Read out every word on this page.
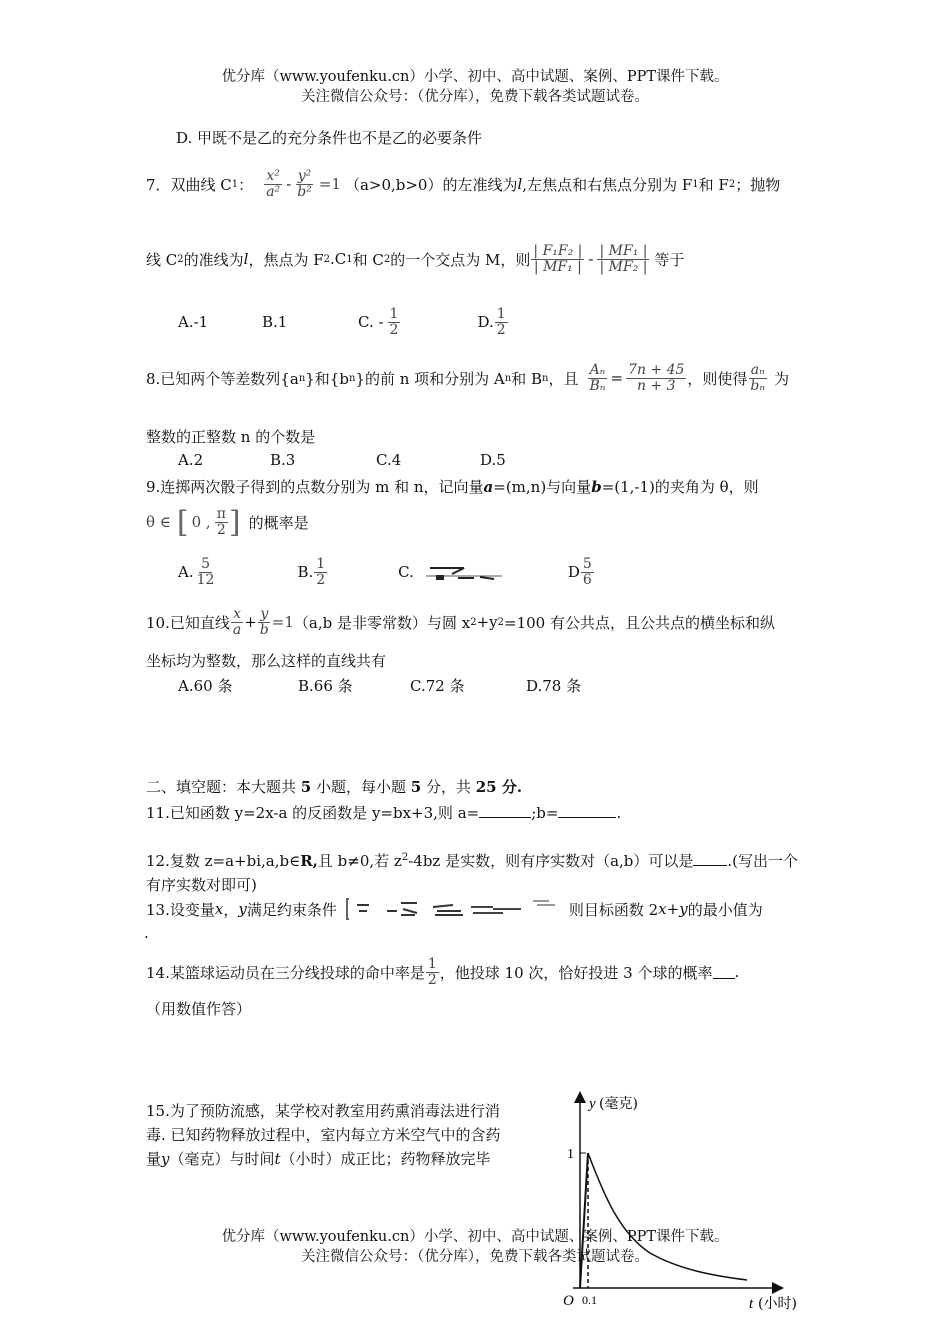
优分库（www.youfenku.cn）小学、初中、高中试题、案例、PPT课件下载。
关注微信公众号：（优分库），免费下载各类试题试卷。
D. 甲既不是乙的充分条件也不是乙的必要条件
7．双曲线 C 1 ： $\frac{\text{x²}}{\text{a²}} - \frac{\text{y²}}{\text{b²}} =1$ （a>0,b>0）的左准线为 l ,左焦点和右焦点分别为 F 1 和 F 2 ；抛物
线 C 2 的准线为 l ，焦点为 F 2 .C 1 和 C 2 的一个交点为 M，则 $\frac{\text{| F₁F₂ |}}{\text{| MF₁ |}} - \frac{\text{| MF₁ |}}{\text{| MF₂ |}}$ 等于
A.-1	B.1	C. - $\frac{1}{2}$	D. $\frac{1}{2}$
8.已知两个等差数列{a n }和{b n }的前 n 项和分别为 A n 和 B n ，且 $\frac{\text{Aₙ}}{\text{Bₙ}} = \frac{7n + 45}{n + 3}$ ，则使得 $\frac{\text{aₙ}}{\text{bₙ}}$ 为
整数的正整数 n 的个数是
A.2	B.3	C.4	D.5
9.连掷两次骰子得到的点数分别为 m 和 n，记向量a=(m,n)与向量b=(1,-1)的夹角为 θ，则
θ ∈ [ 0 , $\frac{\pi}{2}$ ] 的概率是
A. $\frac{5}{12}$	B. $\frac{1}{2}$	C.	D $\frac{5}{6}$
10.已知直线 $\frac{x}{a} + \frac{y}{b} =1$ （a,b 是非零常数）与圆 x 2 +y 2 =100 有公共点，且公共点的横坐标和纵
坐标均为整数，那么这样的直线共有
A.60 条	B.66 条	C.72 条	D.78 条
二、填空题：本大题共 5 小题，每小题 5 分，共 25 分.
11.已知函数 y=2x-a 的反函数是 y=bx+3,则 a=	;b=	.
12.复数 z=a+bi,a,b∈R,且 b≠0,若 $z^2-4bz$ 是实数，则有序实数对（a,b）可以是 .(写出一个
有序实数对即可)
13.设变量 x ， y 满足约束条件	则目标函数 2 x + y 的最小值为
.
14.某篮球运动员在三分线投球的命中率是 $\frac{1}{2}$ ，他投球 10 次，恰好投进 3 个球的概率 .
（用数值作答）
15.为了预防流感，某学校对教室用药熏消毒法进行消
毒. 已知药物释放过程中，室内每立方米空气中的含药
量y（毫克）与时间t（小时）成正比；药物释放完毕
y (毫克)
1
O 0.1	t (小时)
优分库（www.youfenku.cn）小学、初中、高中试题、案例、PPT课件下载。
关注微信公众号：（优分库），免费下载各类试题试卷。
